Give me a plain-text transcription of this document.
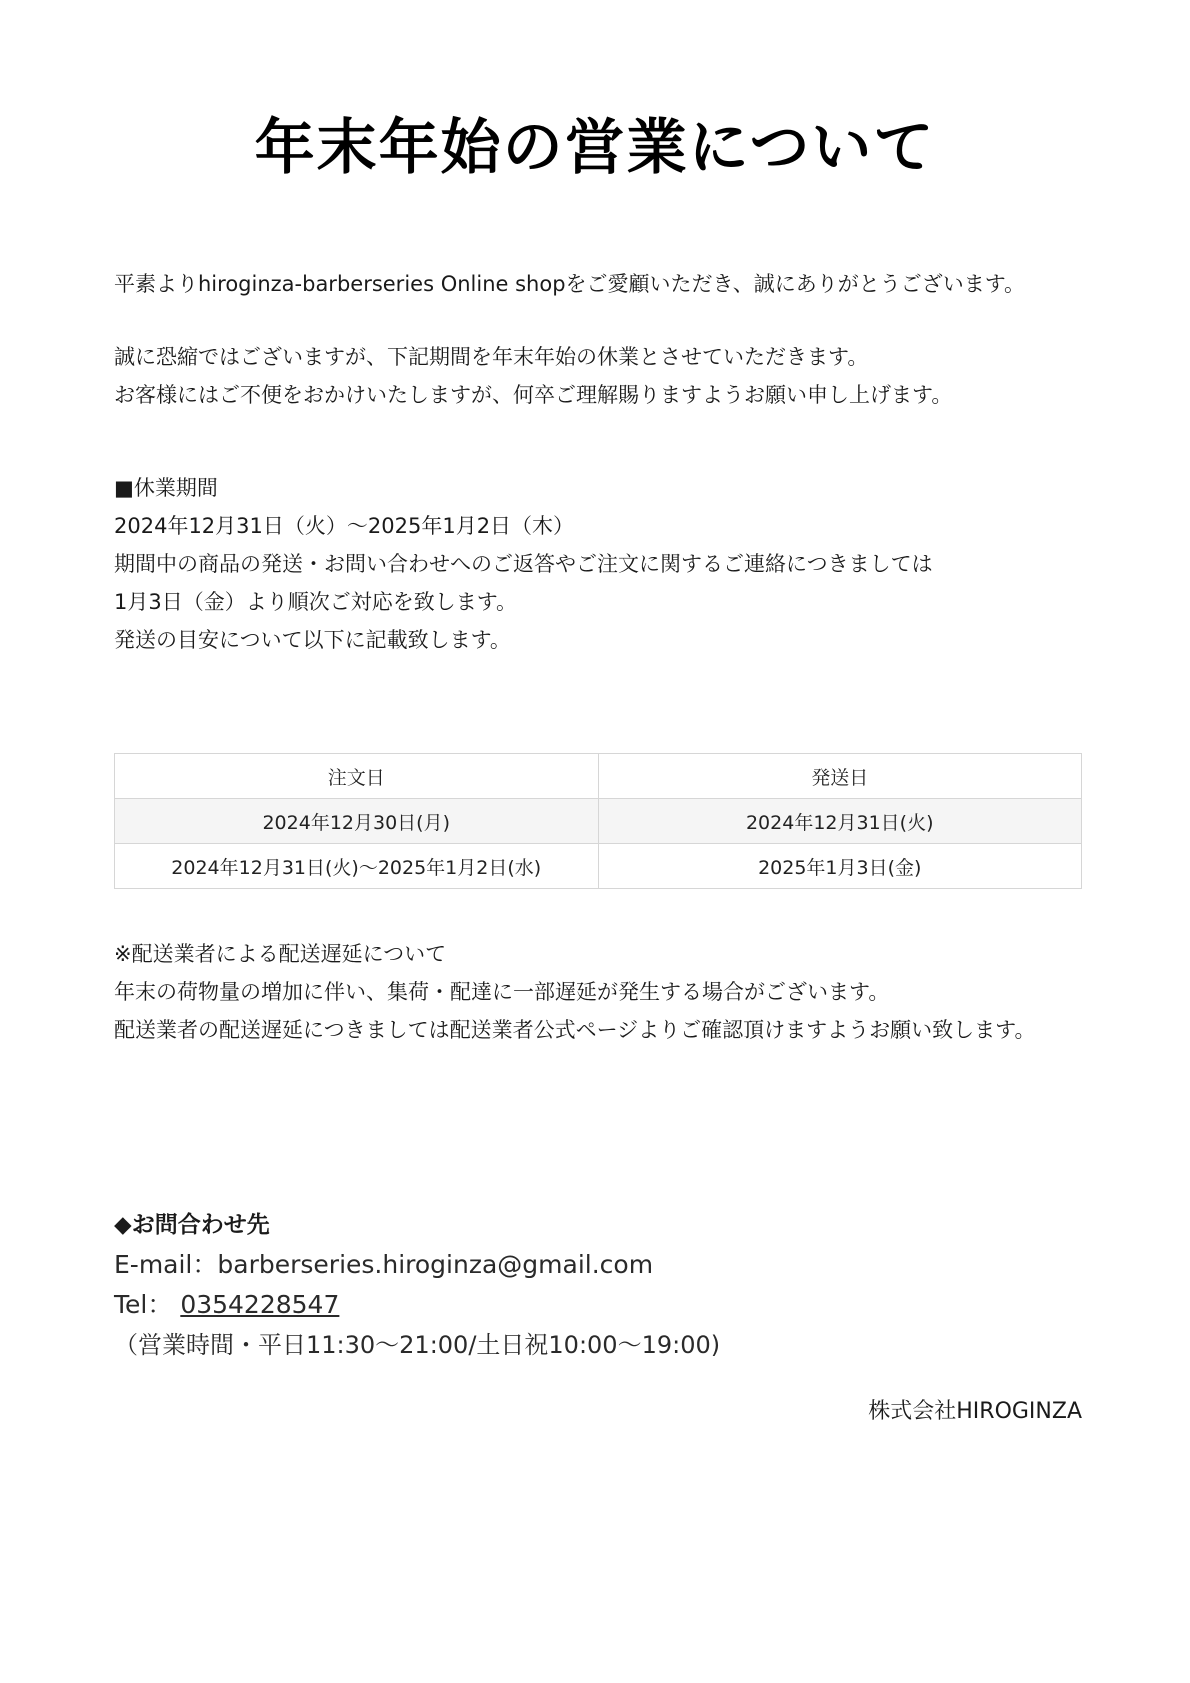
年末年始の営業について
平素よりhiroginza-barberseries Online shopをご愛顧いただき、誠にありがとうございます。
誠に恐縮ではございますが、下記期間を年末年始の休業とさせていただきます。
お客様にはご不便をおかけいたしますが、何卒ご理解賜りますようお願い申し上げます。
■休業期間
2024年12月31日（火）〜2025年1月2日（木）
期間中の商品の発送・お問い合わせへのご返答やご注文に関するご連絡につきましては
1月3日（金）より順次ご対応を致します。
発送の目安について以下に記載致します。
注文日	発送日
2024年12月30日(月)	2024年12月31日(火)
2024年12月31日(火)〜2025年1月2日(水)	2025年1月3日(金)
※配送業者による配送遅延について
年末の荷物量の増加に伴い、集荷・配達に一部遅延が発生する場合がございます。
配送業者の配送遅延につきましては配送業者公式ページよりご確認頂けますようお願い致します。
◆お問合わせ先
E-mail：barberseries.hiroginza@gmail.com
Tel： 0354228547
（営業時間・平日11:30〜21:00/土日祝10:00〜19:00)
株式会社HIROGINZA
